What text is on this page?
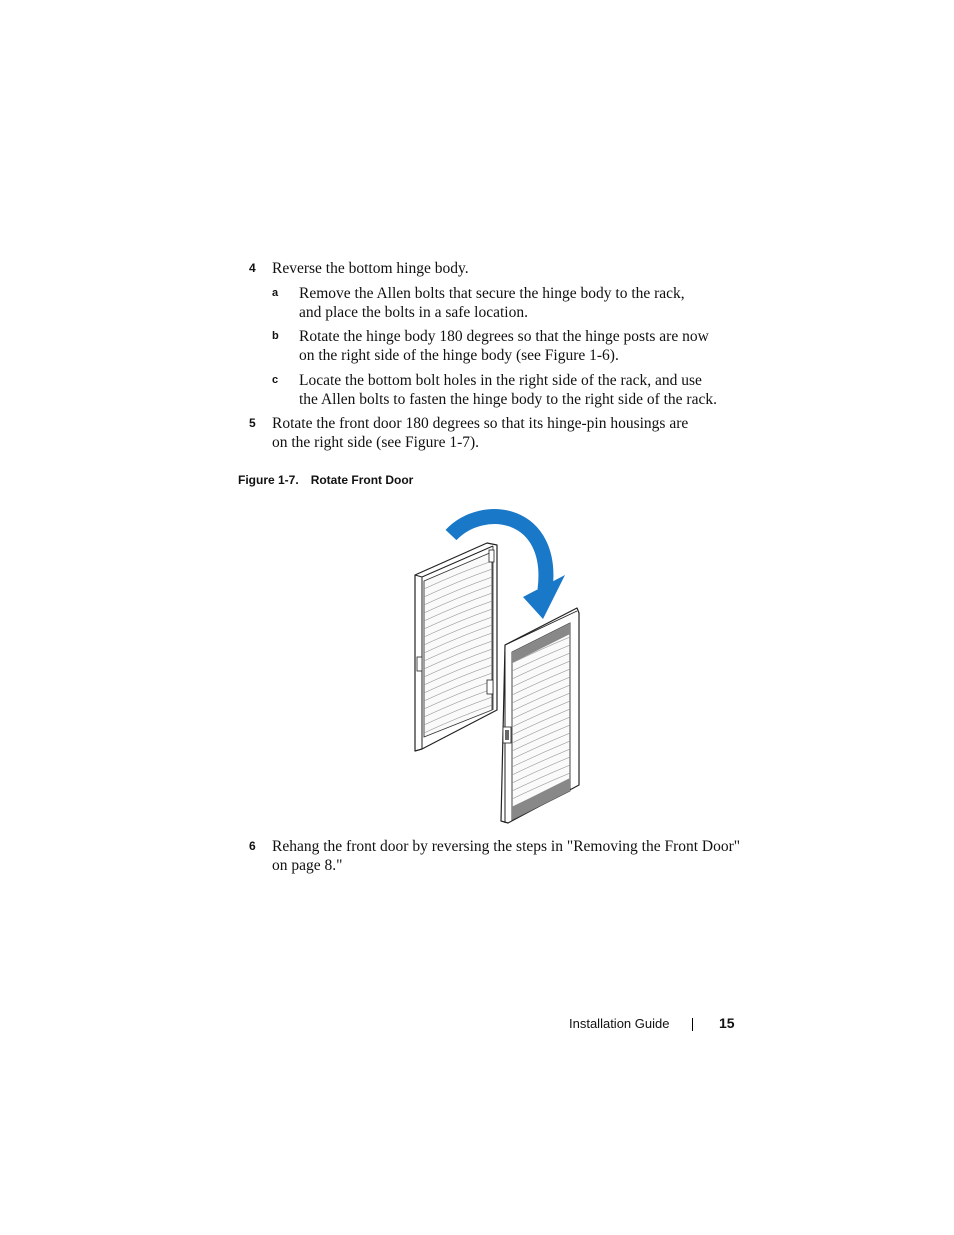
4 Reverse the bottom hinge body.
a Remove the Allen bolts that secure the hinge body to the rack,
and place the bolts in a safe location.
b Rotate the hinge body 180 degrees so that the hinge posts are now
on the right side of the hinge body (see Figure 1-6).
c Locate the bottom bolt holes in the right side of the rack, and use
the Allen bolts to fasten the hinge body to the right side of the rack.
5 Rotate the front door 180 degrees so that its hinge-pin housings are
on the right side (see Figure 1-7).
Figure 1-7. Rotate Front Door
6 Rehang the front door by reversing the steps in "Removing the Front Door"
on page 8."
Installation Guide	15
